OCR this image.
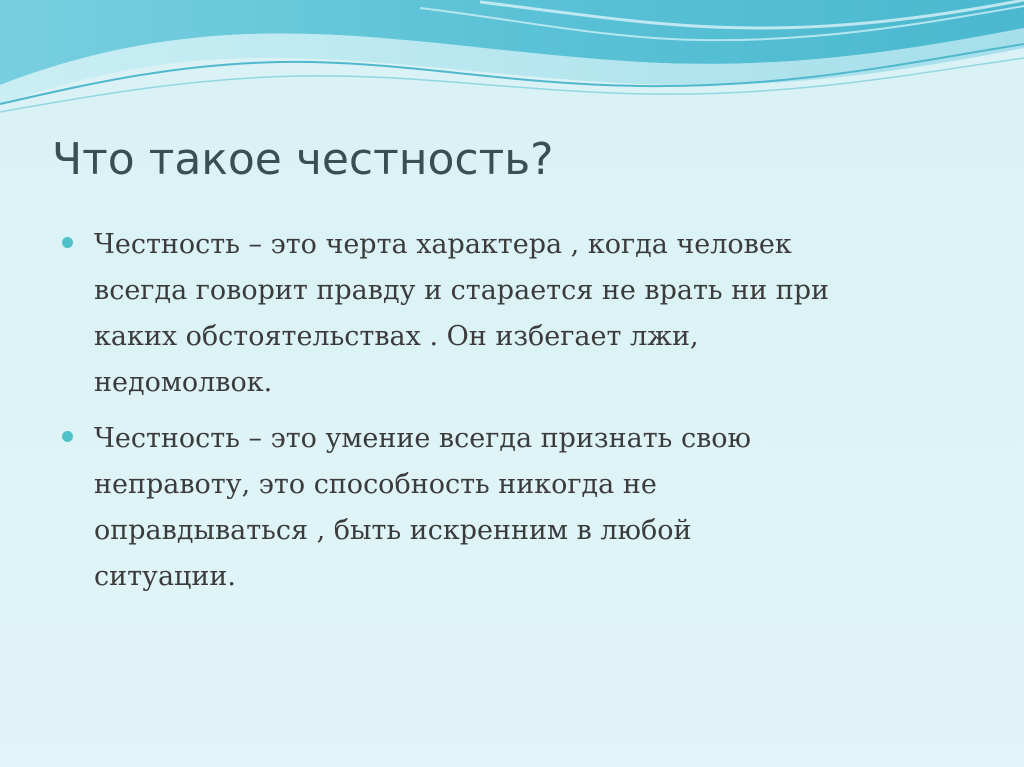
Что такое честность?
Честность – это черта характера , когда человек
всегда говорит правду и старается не врать ни при
каких обстоятельствах . Он избегает лжи,
недомолвок.
Честность – это умение всегда признать свою
неправоту, это способность никогда не
оправдываться , быть искренним в любой
ситуации.
